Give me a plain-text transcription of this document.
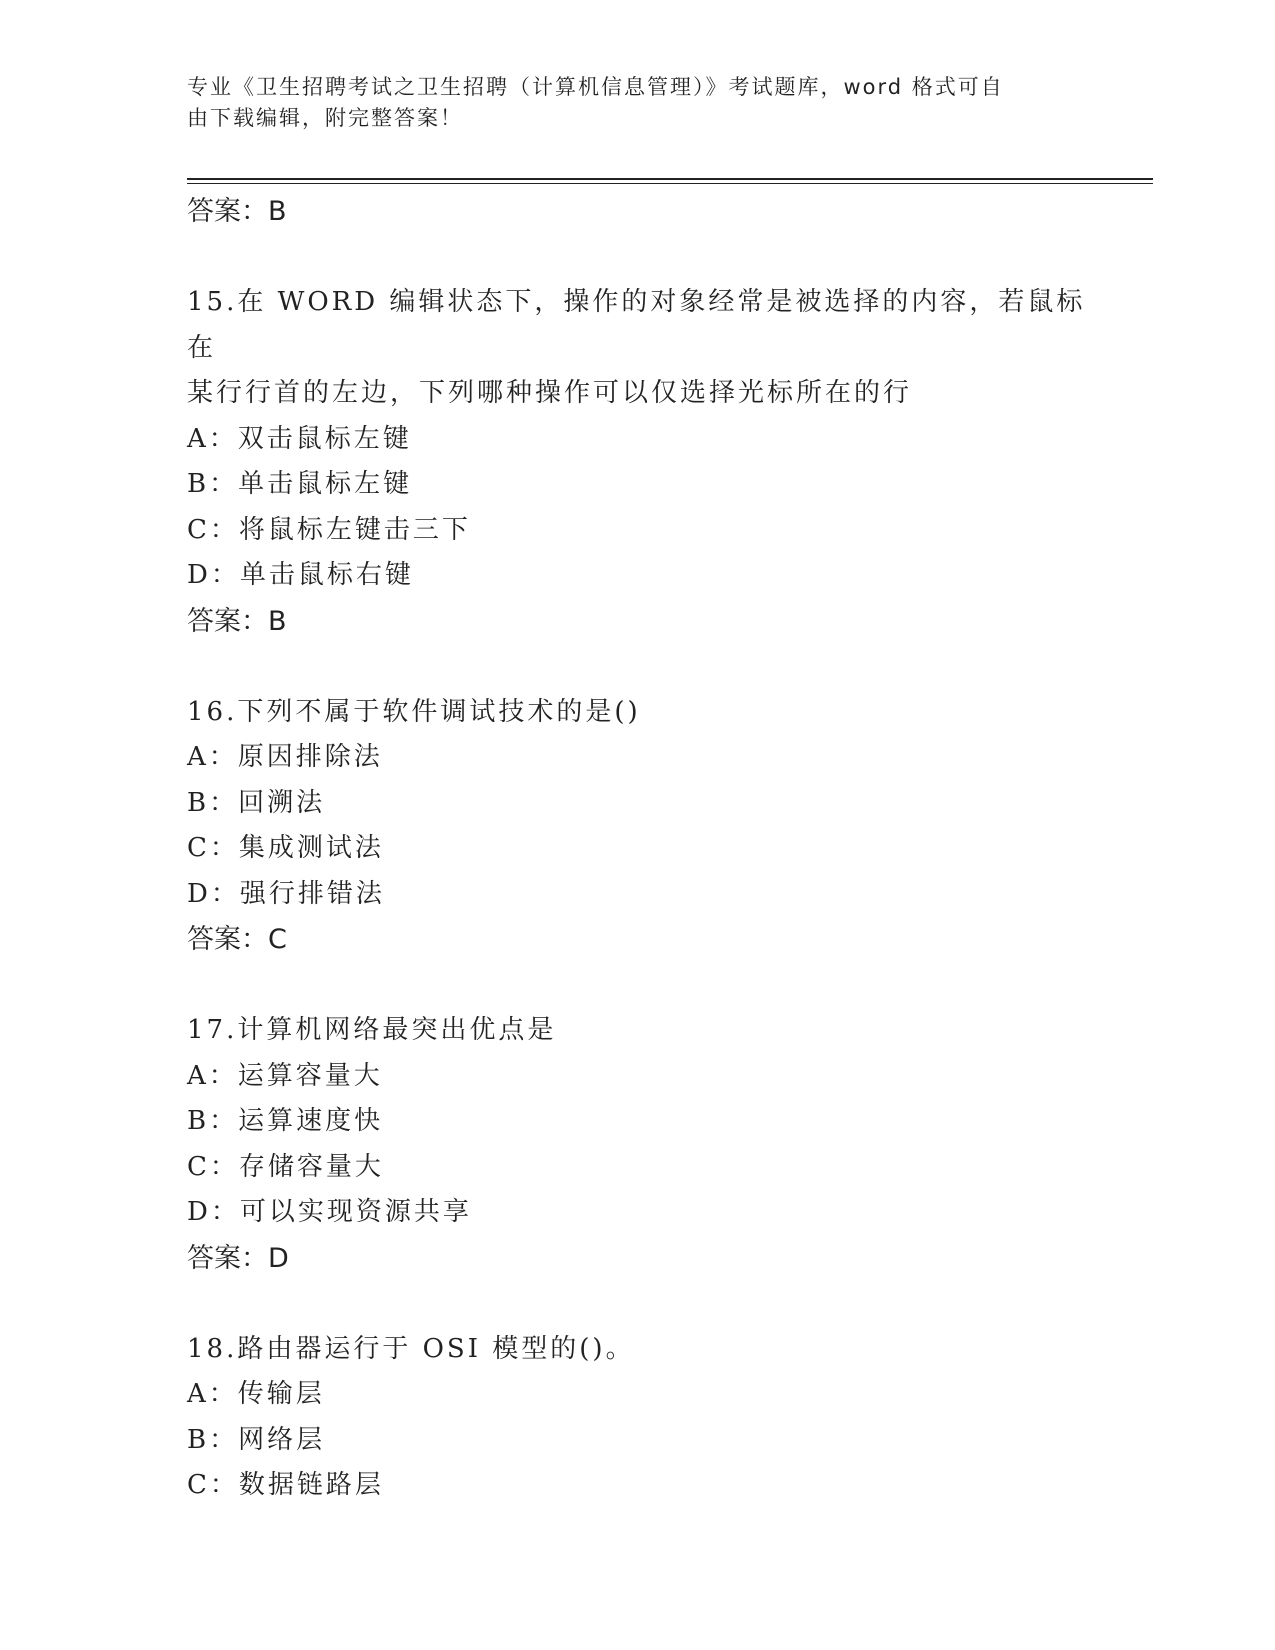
专业《卫生招聘考试之卫生招聘（计算机信息管理）》考试题库，word 格式可自
由下载编辑，附完整答案！
答案：B
15.在 WORD 编辑状态下，操作的对象经常是被选择的内容，若鼠标在
某行行首的左边，下列哪种操作可以仅选择光标所在的行
A：双击鼠标左键
B：单击鼠标左键
C：将鼠标左键击三下
D：单击鼠标右键
答案：B
16.下列不属于软件调试技术的是()
A：原因排除法
B：回溯法
C：集成测试法
D：强行排错法
答案：C
17.计算机网络最突出优点是
A：运算容量大
B：运算速度快
C：存储容量大
D：可以实现资源共享
答案：D
18.路由器运行于 OSI 模型的()。
A：传输层
B：网络层
C：数据链路层
